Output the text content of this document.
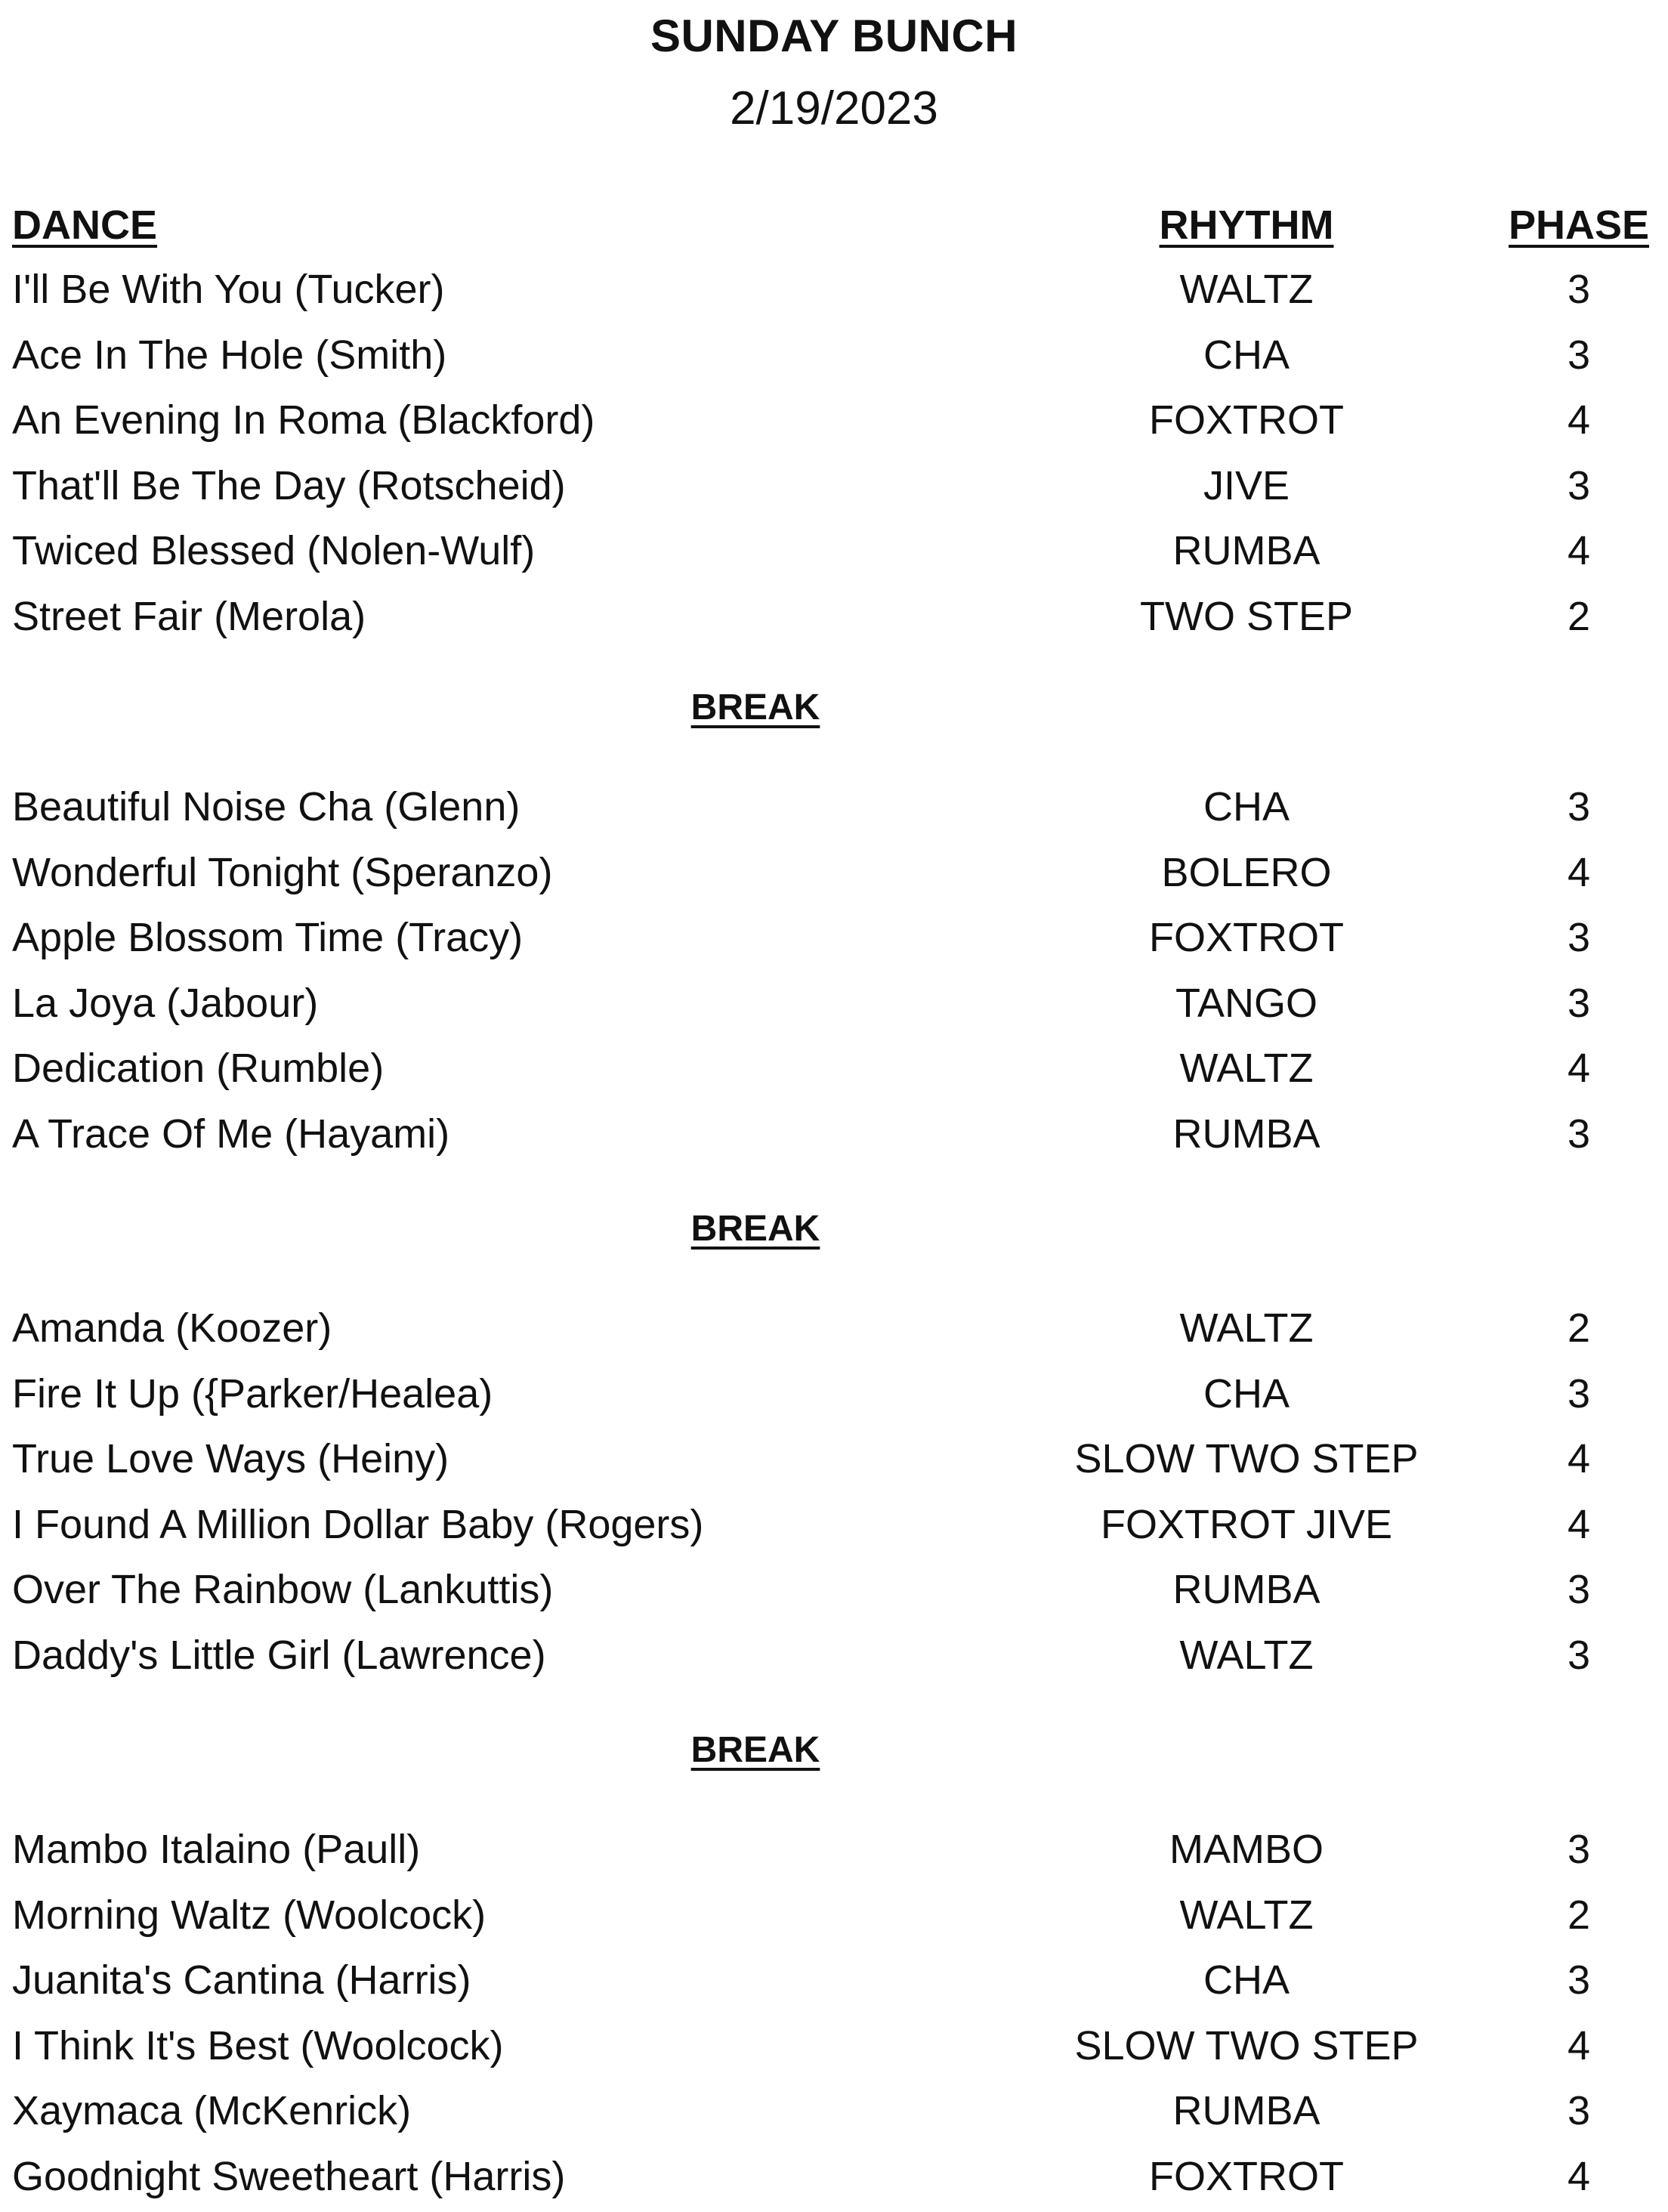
SUNDAY BUNCH
2/19/2023
DANCE	RHYTHM	PHASE
I'll Be With You (Tucker)	WALTZ	3
Ace In The Hole (Smith)	CHA	3
An Evening In Roma (Blackford)	FOXTROT	4
That'll Be The Day (Rotscheid)	JIVE	3
Twiced Blessed (Nolen-Wulf)	RUMBA	4
Street Fair (Merola)	TWO STEP	2
BREAK
Beautiful Noise Cha (Glenn)	CHA	3
Wonderful Tonight (Speranzo)	BOLERO	4
Apple Blossom Time (Tracy)	FOXTROT	3
La Joya (Jabour)	TANGO	3
Dedication (Rumble)	WALTZ	4
A Trace Of Me (Hayami)	RUMBA	3
BREAK
Amanda (Koozer)	WALTZ	2
Fire It Up ({Parker/Healea)	CHA	3
True Love Ways (Heiny)	SLOW TWO STEP	4
I Found A Million Dollar Baby (Rogers)	FOXTROT JIVE	4
Over The Rainbow (Lankuttis)	RUMBA	3
Daddy's Little Girl (Lawrence)	WALTZ	3
BREAK
Mambo Italaino (Paull)	MAMBO	3
Morning Waltz (Woolcock)	WALTZ	2
Juanita's Cantina (Harris)	CHA	3
I Think It's Best (Woolcock)	SLOW TWO STEP	4
Xaymaca (McKenrick)	RUMBA	3
Goodnight Sweetheart (Harris)	FOXTROT	4
